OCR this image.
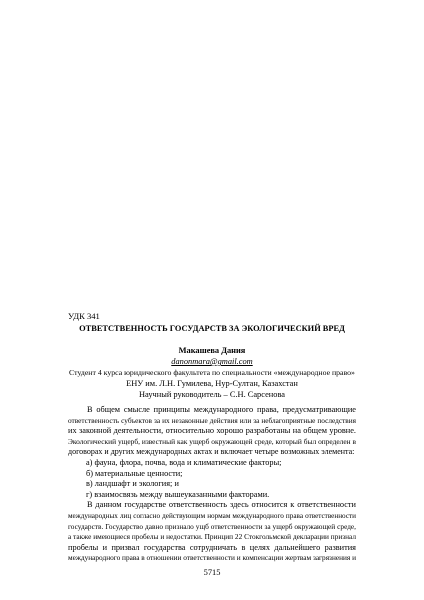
УДК 341
ОТВЕТСТВЕННОСТЬ ГОСУДАРСТВ ЗА ЭКОЛОГИЧЕСКИЙ ВРЕД
Макашева Дания
danonmara@gmail.com
Студент 4 курса юридического факультета по специальности «международное право»
ЕНУ им. Л.Н. Гумилева, Нур-Султан, Казахстан
Научный руководитель – С.Н. Сарсенова
В общем смысле принципы международного права, предусматривающие
ответственность субъектов за их незаконные действия или за неблагоприятные последствия
их законной деятельности, относительно хорошо разработаны на общем уровне.
Экологический ущерб, известный как ущерб окружающей среде, который был определен в
договорах и других международных актах и включает четыре возможных элемента:
а) фауна, флора, почва, вода и климатические факторы;
б) материальные ценности;
в) ландшафт и экология; и
г) взаимосвязь между вышеуказанными факторами.
В данном государстве ответственность здесь относится к ответственности
международных лиц согласно действующим нормам международного права ответственности
государств. Государство давно признало ущб ответственности за ущерб окружающей среде,
а также имеющиеся пробелы и недостатки. Принцип 22 Стокгольмской декларации признал
пробелы и призвал государства сотрудничать в целях дальнейшего развития
международного права в отношении ответственности и компенсации жертвам загрязнения и
5715
